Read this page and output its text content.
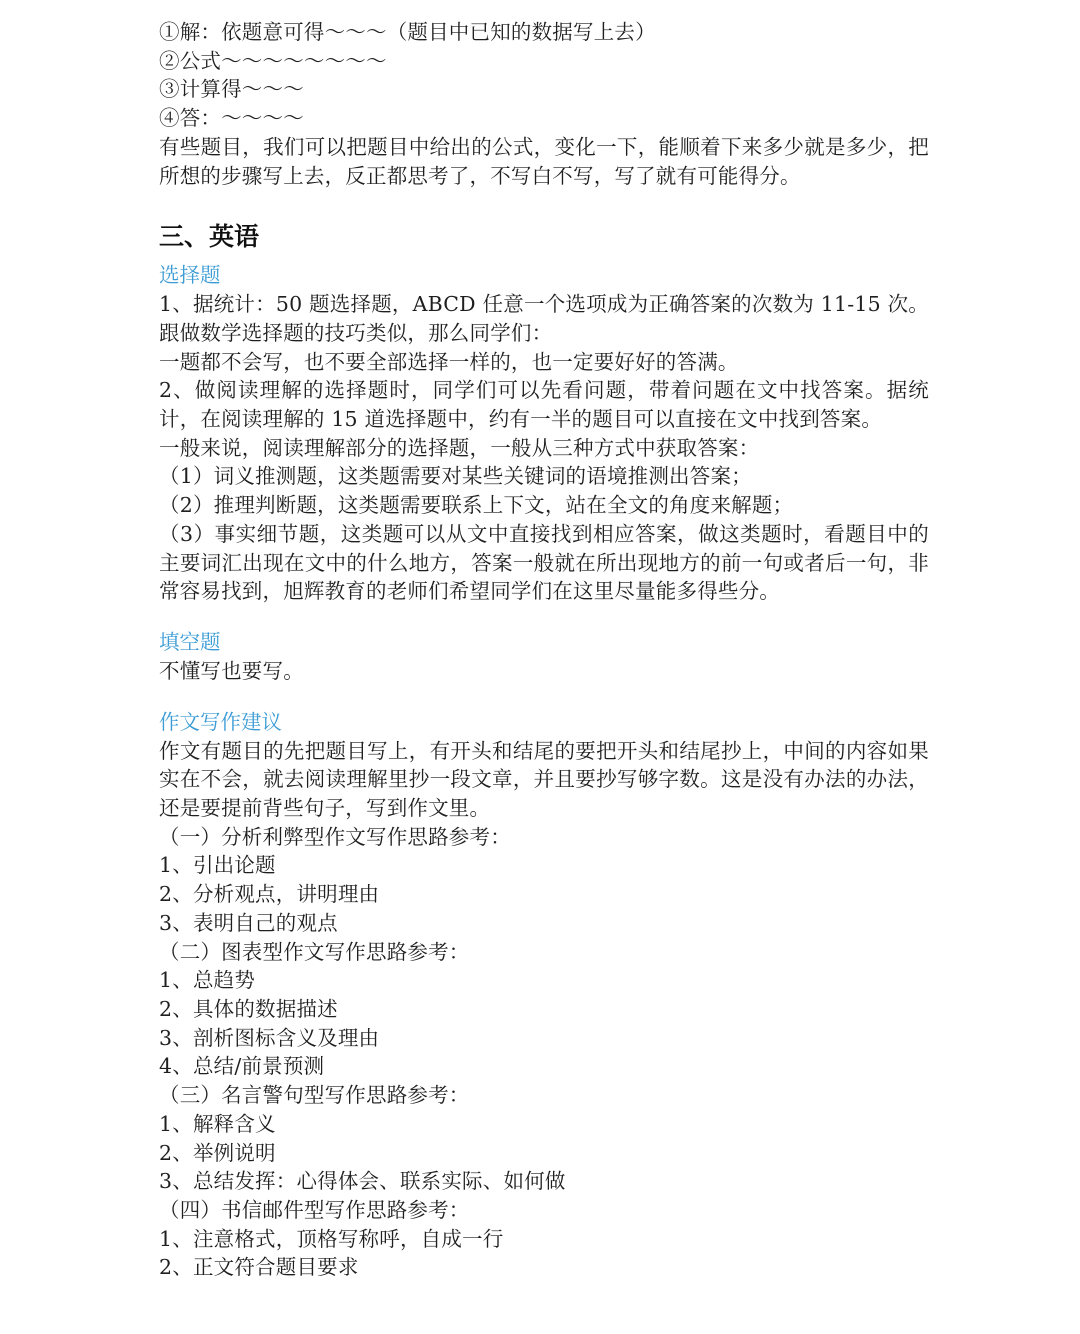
①解：依题意可得～～～（题目中已知的数据写上去）
②公式～～～～～～～～
③计算得～～～
④答：～～～～
有些题目，我们可以把题目中给出的公式，变化一下，能顺着下来多少就是多少，把所想的步骤写上去，反正都思考了，不写白不写，写了就有可能得分。
三、英语
选择题
1、据统计：50 题选择题，ABCD 任意一个选项成为正确答案的次数为 11-15 次。跟做数学选择题的技巧类似，那么同学们：
一题都不会写，也不要全部选择一样的，也一定要好好的答满。
2、做阅读理解的选择题时，同学们可以先看问题，带着问题在文中找答案。据统计，在阅读理解的 15 道选择题中，约有一半的题目可以直接在文中找到答案。
一般来说，阅读理解部分的选择题，一般从三种方式中获取答案：
（1）词义推测题，这类题需要对某些关键词的语境推测出答案；
（2）推理判断题，这类题需要联系上下文，站在全文的角度来解题；
（3）事实细节题，这类题可以从文中直接找到相应答案，做这类题时，看题目中的主要词汇出现在文中的什么地方，答案一般就在所出现地方的前一句或者后一句，非常容易找到，旭辉教育的老师们希望同学们在这里尽量能多得些分。
填空题
不懂写也要写。
作文写作建议
作文有题目的先把题目写上，有开头和结尾的要把开头和结尾抄上，中间的内容如果实在不会，就去阅读理解里抄一段文章，并且要抄写够字数。这是没有办法的办法，还是要提前背些句子，写到作文里。
（一）分析利弊型作文写作思路参考：
1、引出论题
2、分析观点，讲明理由
3、表明自己的观点
（二）图表型作文写作思路参考：
1、总趋势
2、具体的数据描述
3、剖析图标含义及理由
4、总结/前景预测
（三）名言警句型写作思路参考：
1、解释含义
2、举例说明
3、总结发挥：心得体会、联系实际、如何做
（四）书信邮件型写作思路参考：
1、注意格式，顶格写称呼，自成一行
2、正文符合题目要求
